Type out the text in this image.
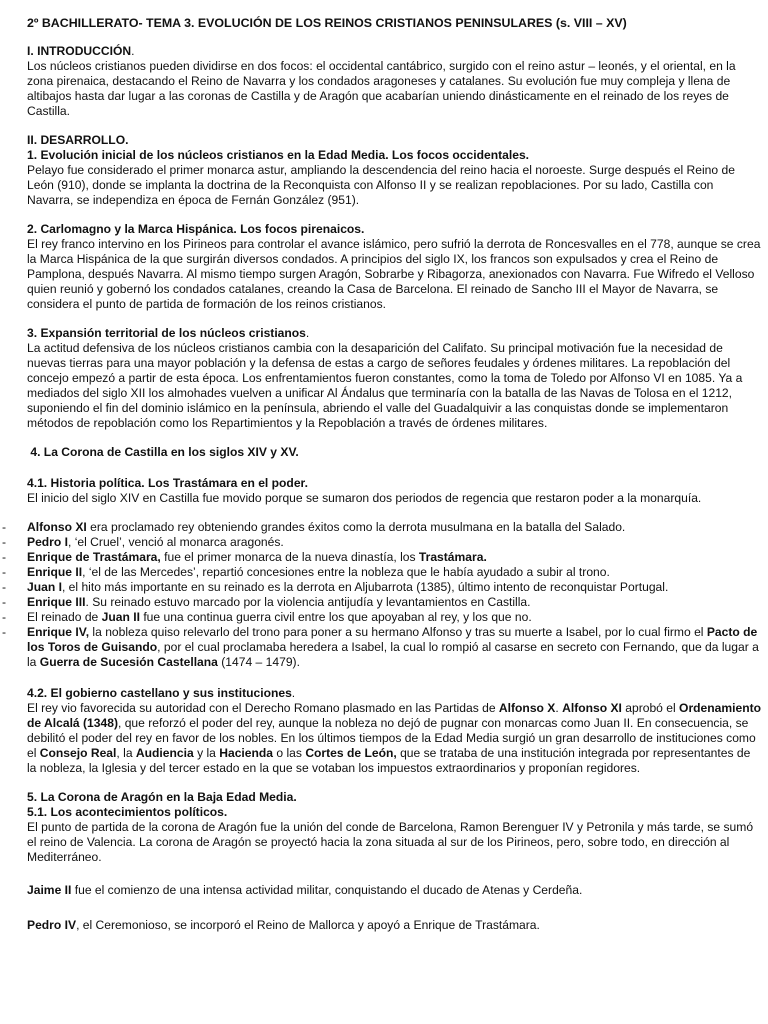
2º BACHILLERATO- TEMA 3. EVOLUCIÓN DE LOS REINOS CRISTIANOS PENINSULARES (s. VIII – XV)

I. INTRODUCCIÓN.

Los núcleos cristianos pueden dividirse en dos focos: el occidental cantábrico, surgido con el reino astur – leonés, y el oriental, en la zona pirenaica, destacando el Reino de Navarra y los condados aragoneses y catalanes. Su evolución fue muy compleja y llena de altibajos hasta dar lugar a las coronas de Castilla y de Aragón que acabarían uniendo dinásticamente en el reinado de los reyes de Castilla.

II. DESARROLLO.

1. Evolución inicial de los núcleos cristianos en la Edad Media. Los focos occidentales.

Pelayo fue considerado el primer monarca astur, ampliando la descendencia del reino hacia el noroeste. Surge después el Reino de León (910), donde se implanta la doctrina de la Reconquista con Alfonso II y se realizan repoblaciones. Por su lado, Castilla con Navarra, se independiza en época de Fernán González (951).

2. Carlomagno y la Marca Hispánica. Los focos pirenaicos.

El rey franco intervino en los Pirineos para controlar el avance islámico, pero sufrió la derrota de Roncesvalles en el 778, aunque se crea la Marca Hispánica de la que surgirán diversos condados. A principios del siglo IX, los francos son expulsados y crea el Reino de Pamplona, después Navarra. Al mismo tiempo surgen Aragón, Sobrarbe y Ribagorza, anexionados con Navarra. Fue Wifredo el Velloso quien reunió y gobernó los condados catalanes, creando la Casa de Barcelona. El reinado de Sancho III el Mayor de Navarra, se considera el punto de partida de formación de los reinos cristianos.

3. Expansión territorial de los núcleos cristianos.

La actitud defensiva de los núcleos cristianos cambia con la desaparición del Califato. Su principal motivación fue la necesidad de nuevas tierras para una mayor población y la defensa de estas a cargo de señores feudales y órdenes militares. La repoblación del concejo empezó a partir de esta época. Los enfrentamientos fueron constantes, como la toma de Toledo por Alfonso VI en 1085. Ya a mediados del siglo XII los almohades vuelven a unificar Al Ándalus que terminaría con la batalla de las Navas de Tolosa en el 1212, suponiendo el fin del dominio islámico en la península, abriendo el valle del Guadalquivir a las conquistas donde se implementaron métodos de repoblación como los Repartimientos y la Repoblación a través de órdenes militares.

4. La Corona de Castilla en los siglos XIV y XV.

4.1. Historia política. Los Trastámara en el poder.

El inicio del siglo XIV en Castilla fue movido porque se sumaron dos periodos de regencia que restaron poder a la monarquía.

- Alfonso XI era proclamado rey obteniendo grandes éxitos como la derrota musulmana en la batalla del Salado.
- Pedro I, ‘el Cruel’, venció al monarca aragonés.
- Enrique de Trastámara, fue el primer monarca de la nueva dinastía, los Trastámara.
- Enrique II, ‘el de las Mercedes’, repartió concesiones entre la nobleza que le había ayudado a subir al trono.
- Juan I, el hito más importante en su reinado es la derrota en Aljubarrota (1385), último intento de reconquistar Portugal.
- Enrique III. Su reinado estuvo marcado por la violencia antijudía y levantamientos en Castilla.
- El reinado de Juan II fue una continua guerra civil entre los que apoyaban al rey, y los que no.
- Enrique IV, la nobleza quiso relevarlo del trono para poner a su hermano Alfonso y tras su muerte a Isabel, por lo cual firmo el Pacto de los Toros de Guisando, por el cual proclamaba heredera a Isabel, la cual lo rompió al casarse en secreto con Fernando, que da lugar a la Guerra de Sucesión Castellana (1474 – 1479).

4.2. El gobierno castellano y sus instituciones.

El rey vio favorecida su autoridad con el Derecho Romano plasmado en las Partidas de Alfonso X. Alfonso XI aprobó el Ordenamiento de Alcalá (1348), que reforzó el poder del rey, aunque la nobleza no dejó de pugnar con monarcas como Juan II. En consecuencia, se debilitó el poder del rey en favor de los nobles. En los últimos tiempos de la Edad Media surgió un gran desarrollo de instituciones como el Consejo Real, la Audiencia y la Hacienda o las Cortes de León, que se trataba de una institución integrada por representantes de la nobleza, la Iglesia y del tercer estado en la que se votaban los impuestos extraordinarios y proponían regidores.

5. La Corona de Aragón en la Baja Edad Media.

5.1. Los acontecimientos políticos.

El punto de partida de la corona de Aragón fue la unión del conde de Barcelona, Ramon Berenguer IV y Petronila y más tarde, se sumó el reino de Valencia. La corona de Aragón se proyectó hacia la zona situada al sur de los Pirineos, pero, sobre todo, en dirección al Mediterráneo.

Jaime II fue el comienzo de una intensa actividad militar, conquistando el ducado de Atenas y Cerdeña.

Pedro IV, el Ceremonioso, se incorporó el Reino de Mallorca y apoyó a Enrique de Trastámara.
